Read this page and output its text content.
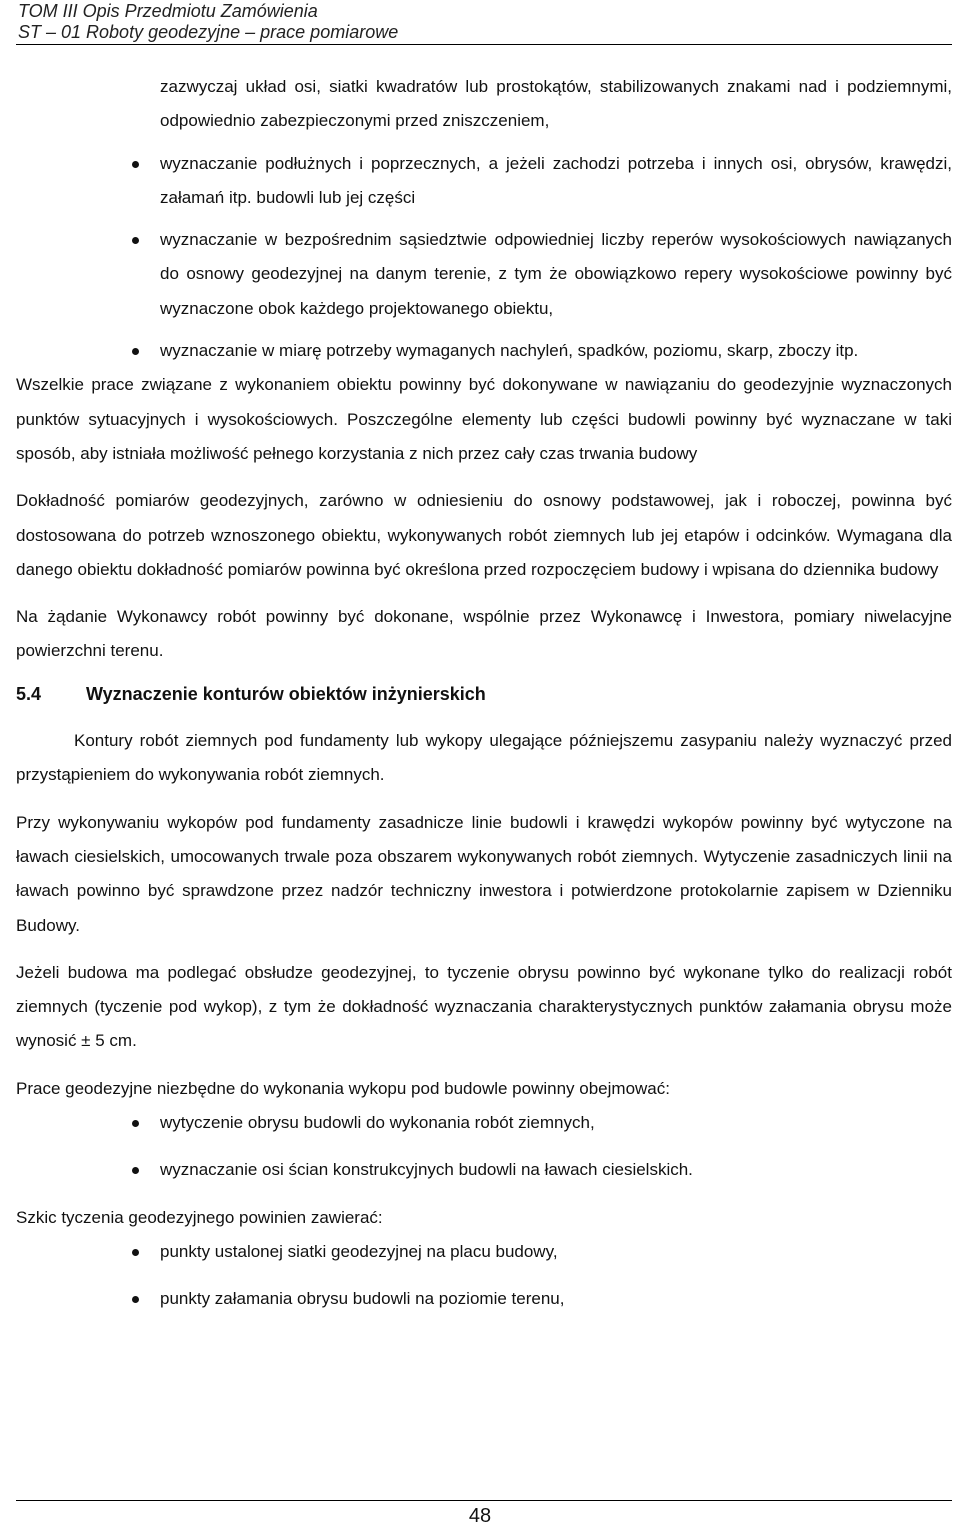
TOM III Opis Przedmiotu Zamówienia
ST – 01 Roboty geodezyjne – prace pomiarowe
zazwyczaj układ osi, siatki kwadratów lub prostokątów, stabilizowanych znakami nad i podziemnymi, odpowiednio zabezpieczonymi przed zniszczeniem,
wyznaczanie podłużnych i poprzecznych, a jeżeli zachodzi potrzeba i innych osi, obrysów, krawędzi, załamań itp. budowli lub jej części
wyznaczanie w bezpośrednim sąsiedztwie odpowiedniej liczby reperów wysokościowych nawiązanych do osnowy geodezyjnej na danym terenie, z tym że obowiązkowo repery wysokościowe powinny być wyznaczone obok każdego projektowanego obiektu,
wyznaczanie w miarę potrzeby wymaganych nachyleń, spadków, poziomu, skarp, zboczy itp.

Wszelkie prace związane z wykonaniem obiektu powinny być dokonywane w nawiązaniu do geodezyjnie wyznaczonych punktów sytuacyjnych i wysokościowych. Poszczególne elementy lub części budowli powinny być wyznaczane w taki sposób, aby istniała możliwość pełnego korzystania z nich przez cały czas trwania budowy

Dokładność pomiarów geodezyjnych, zarówno w odniesieniu do osnowy podstawowej, jak i roboczej, powinna być dostosowana do potrzeb wznoszonego obiektu, wykonywanych robót ziemnych lub jej etapów i odcinków. Wymagana dla danego obiektu dokładność pomiarów powinna być określona przed rozpoczęciem budowy i wpisana do dziennika budowy

Na żądanie Wykonawcy robót powinny być dokonane, wspólnie przez Wykonawcę i Inwestora, pomiary niwelacyjne powierzchni terenu.

5.4 Wyznaczenie konturów obiektów inżynierskich

Kontury robót ziemnych pod fundamenty lub wykopy ulegające późniejszemu zasypaniu należy wyznaczyć przed przystąpieniem do wykonywania robót ziemnych.

Przy wykonywaniu wykopów pod fundamenty zasadnicze linie budowli i krawędzi wykopów powinny być wytyczone na ławach ciesielskich, umocowanych trwale poza obszarem wykonywanych robót ziemnych. Wytyczenie zasadniczych linii na ławach powinno być sprawdzone przez nadzór techniczny inwestora i potwierdzone protokolarnie zapisem w Dzienniku Budowy.

Jeżeli budowa ma podlegać obsłudze geodezyjnej, to tyczenie obrysu powinno być wykonane tylko do realizacji robót ziemnych (tyczenie pod wykop), z tym że dokładność wyznaczania charakterystycznych punktów załamania obrysu może wynosić ± 5 cm.

Prace geodezyjne niezbędne do wykonania wykopu pod budowle powinny obejmować:

wytyczenie obrysu budowli do wykonania robót ziemnych,
wyznaczanie osi ścian konstrukcyjnych budowli na ławach ciesielskich.

Szkic tyczenia geodezyjnego powinien zawierać:

punkty ustalonej siatki geodezyjnej na placu budowy,
punkty załamania obrysu budowli na poziomie terenu,
48
